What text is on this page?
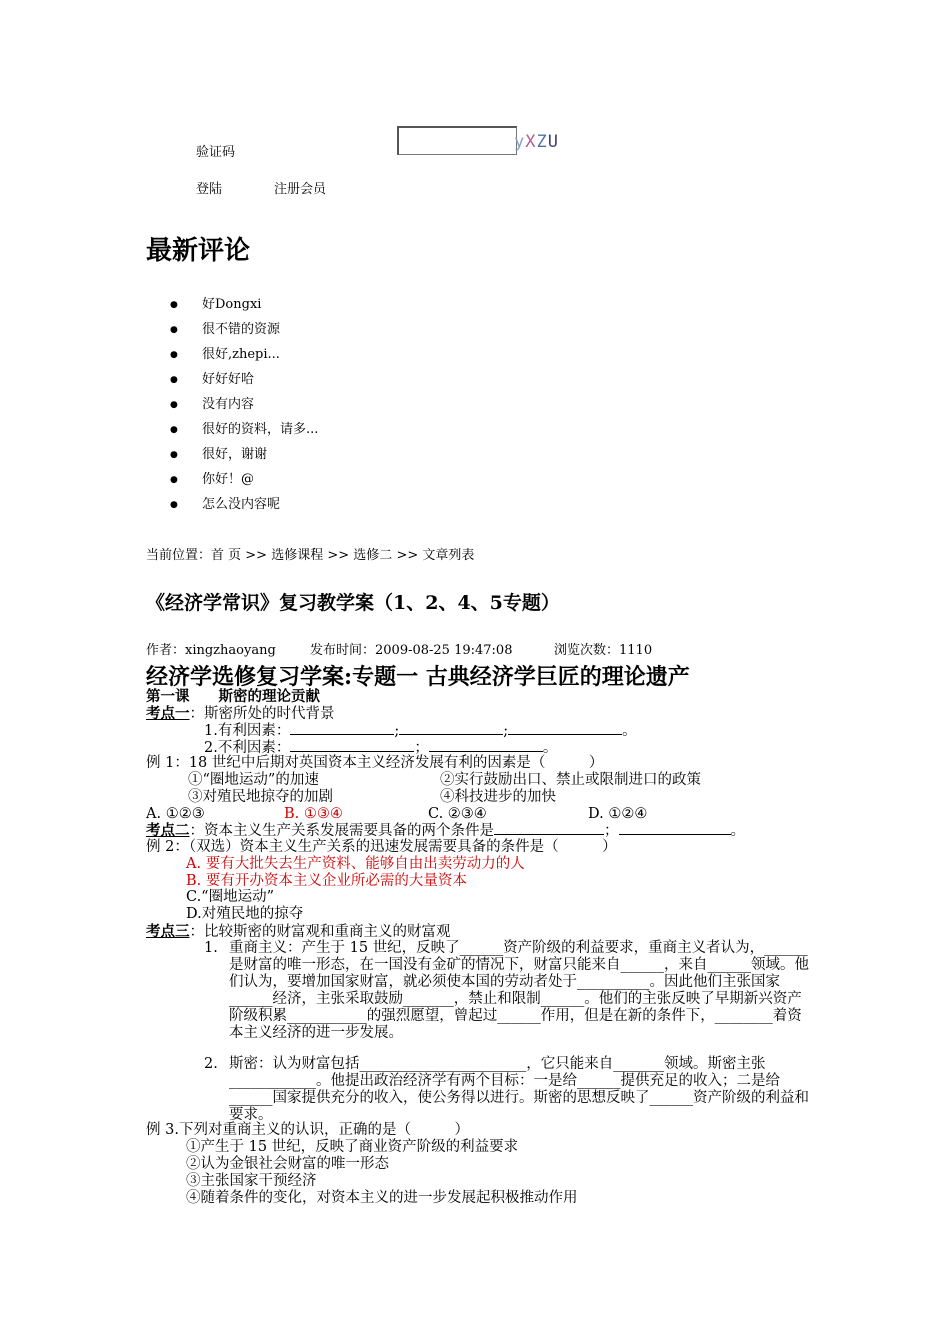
验证码
yXZU
登陆	注册会员
最新评论
● 好Dongxi
● 很不错的资源
● 很好,zhepi...
● 好好好哈
● 没有内容
● 很好的资料，请多...
● 很好，谢谢
● 你好！@
● 怎么没内容呢
当前位置：首 页 >> 选修课程 >> 选修二 >> 文章列表
《经济学常识》复习教学案（1、2、4、5专题）
作者：xingzhaoyang	发布时间：2009-08-25 19:47:08	浏览次数：1110
经济学选修复习学案:专题一 古典经济学巨匠的理论遗产
第一课　　斯密的理论贡献
考点一：斯密所处的时代背景
1.有利因素：	;	;	。
2.不利因素：	；	。
例 1：18 世纪中后期对英国资本主义经济发展有利的因素是（　　　）
①“圈地运动”的加速	②实行鼓励出口、禁止或限制进口的政策
③对殖民地掠夺的加剧	④科技进步的加快
A. ①②③	B. ①③④	C. ②③④	D. ①②④
考点二：资本主义生产关系发展需要具备的两个条件是	；	。
例 2：（双选）资本主义生产关系的迅速发展需要具备的条件是（　　　）
A. 要有大批失去生产资料、能够自由出卖劳动力的人
B. 要有开办资本主义企业所必需的大量资本
C.“圈地运动”
D.对殖民地的掠夺
考点三：比较斯密的财富观和重商主义的财富观
1. 重商主义：产生于 15 世纪，反映了______资产阶级的利益要求，重商主义者认为，______是财富的唯一形态，在一国没有金矿的情况下，财富只能来自______，来自______领域。他们认为，要增加国家财富，就必须使本国的劳动者处于__________。因此他们主张国家______经济，主张采取鼓励_______，禁止和限制______。他们的主张反映了早期新兴资产阶级积累___________的强烈愿望，曾起过______作用，但是在新的条件下，________着资本主义经济的进一步发展。
2. 斯密：认为财富包括_______________________，它只能来自_______领域。斯密主张____________。他提出政治经济学有两个目标：一是给______提供充足的收入；二是给______国家提供充分的收入，使公务得以进行。斯密的思想反映了______资产阶级的利益和要求。
例 3.下列对重商主义的认识，正确的是（　　　）
①产生于 15 世纪，反映了商业资产阶级的利益要求
②认为金银社会财富的唯一形态
③主张国家干预经济
④随着条件的变化，对资本主义的进一步发展起积极推动作用
